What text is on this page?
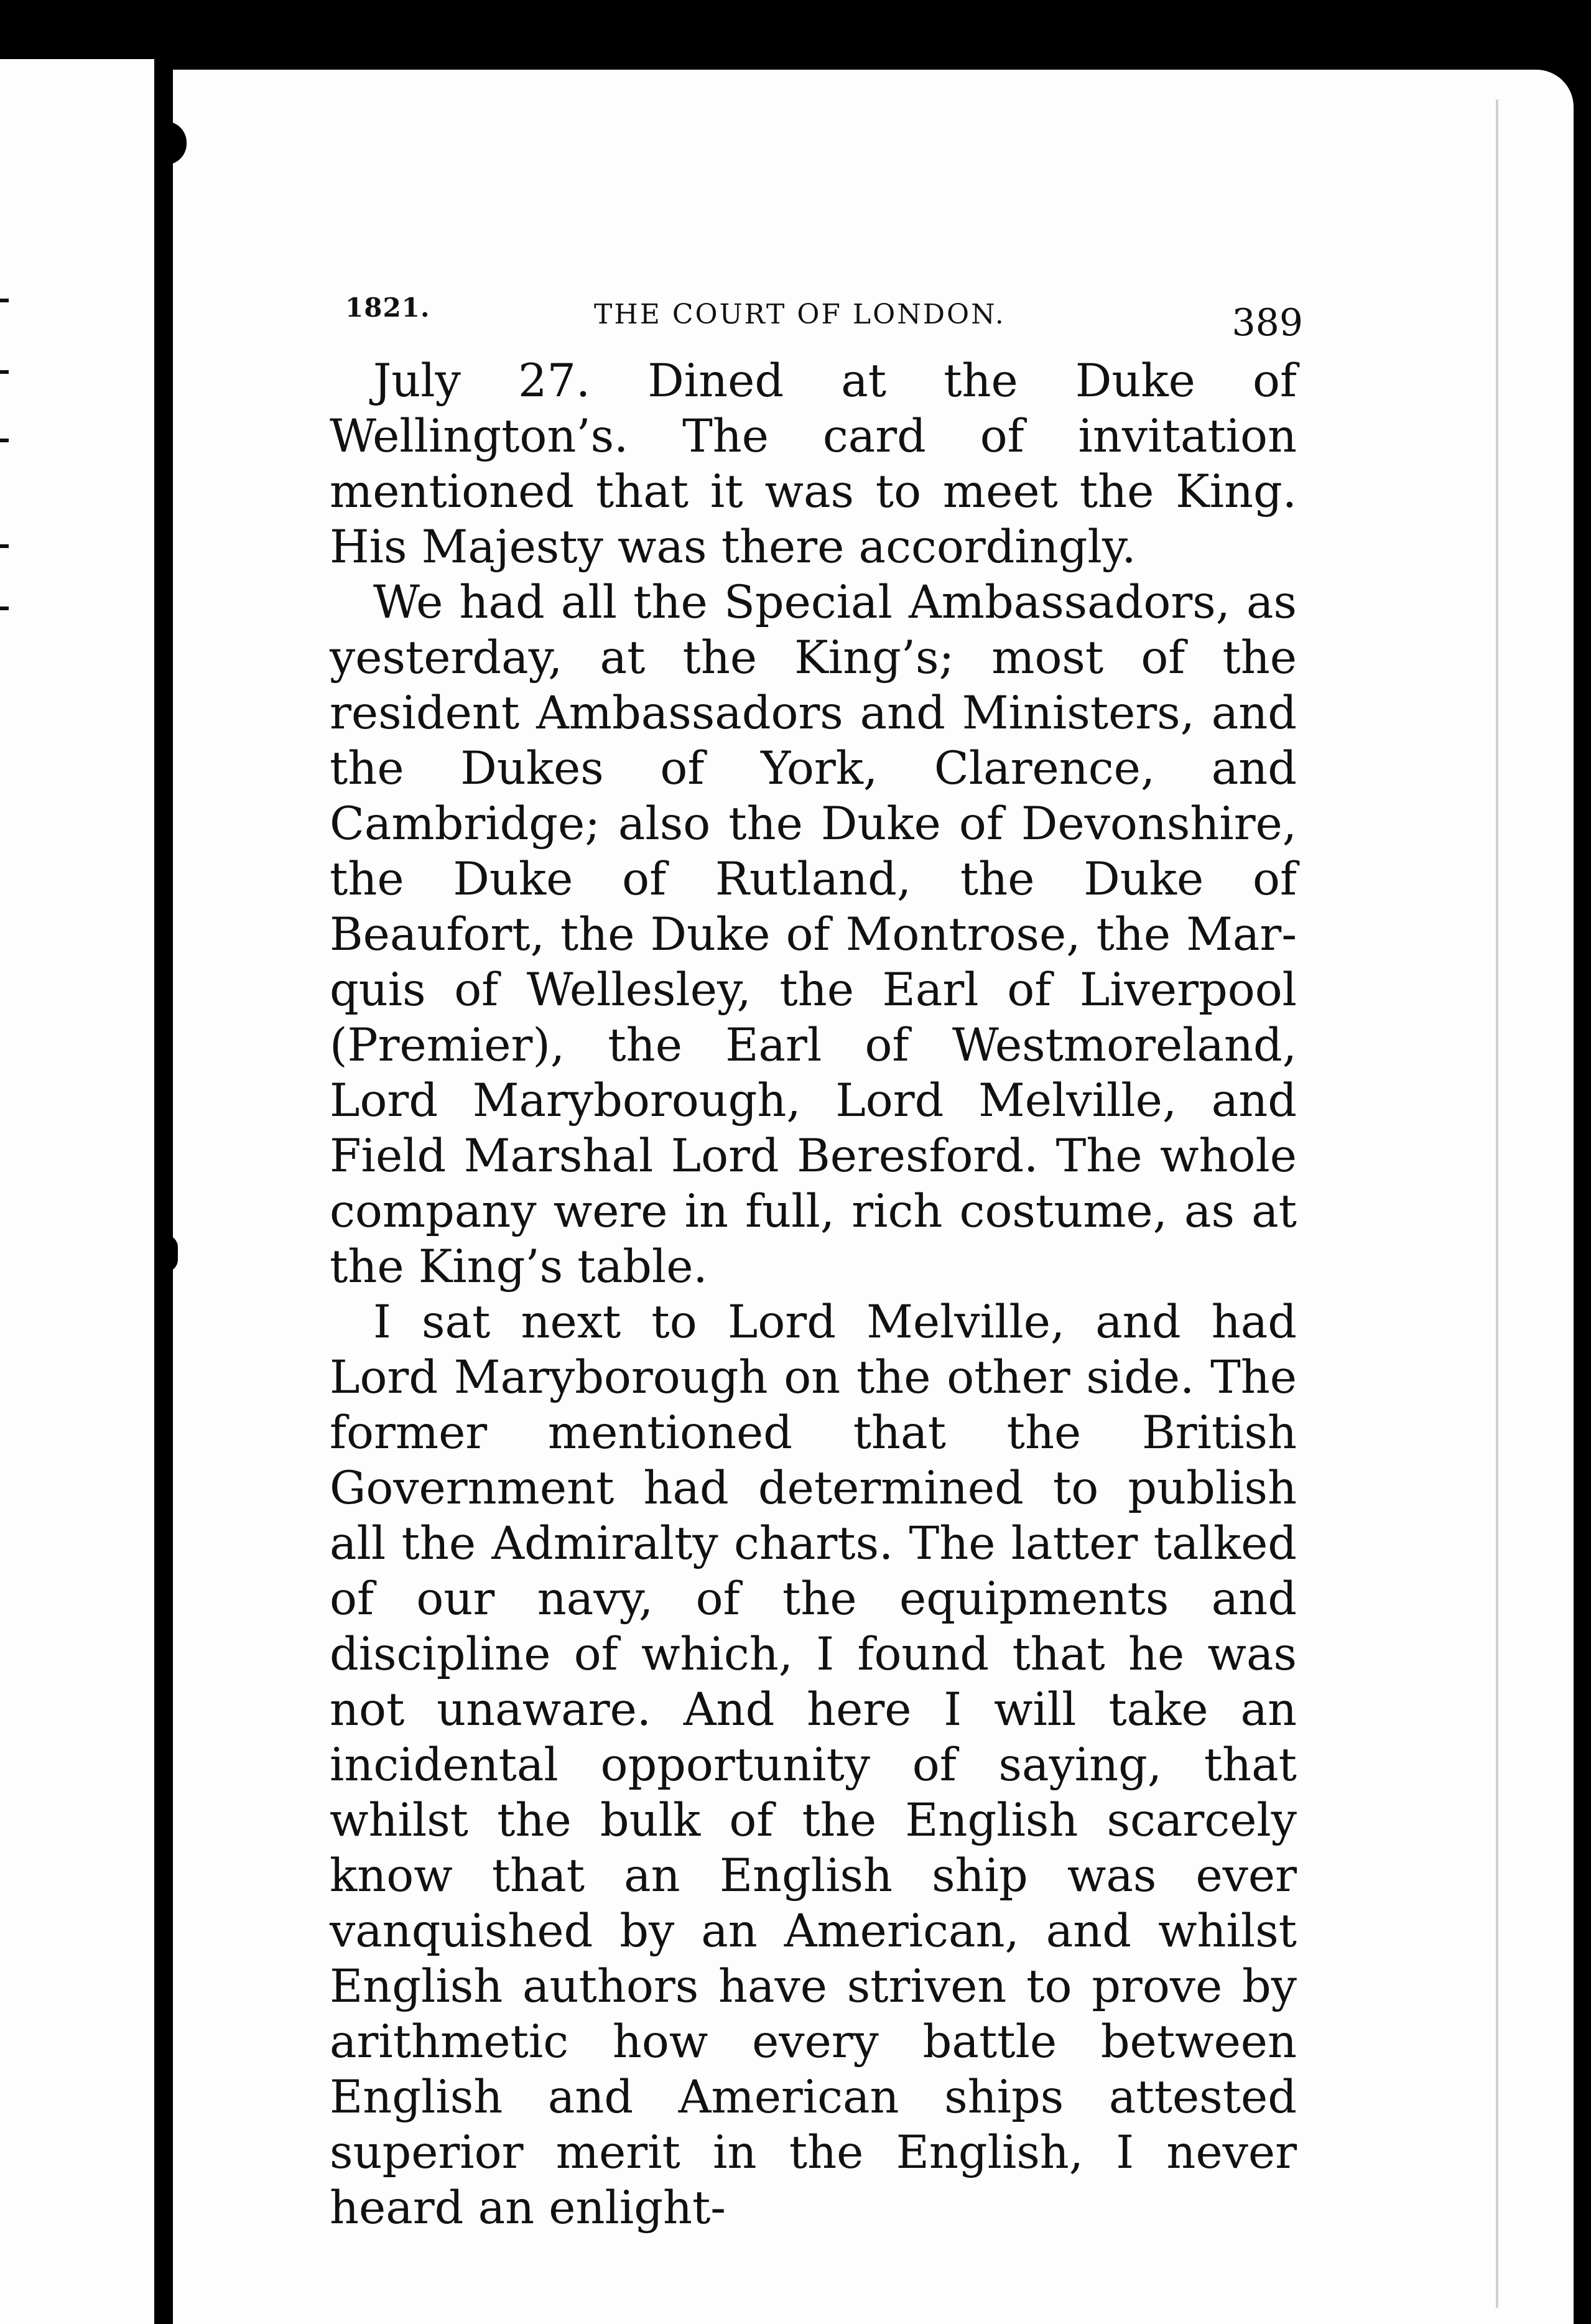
1821.	THE COURT OF LONDON.	389

July 27. Dined at the Duke of Wellington’s. The card of invitation mentioned that it was to meet the King. His Majesty was there accordingly.

We had all the Special Ambassadors, as yesterday, at the King’s; most of the resident Ambassadors and Ministers, and the Dukes of York, Clarence, and Cambridge; also the Duke of Devonshire, the Duke of Rutland, the Duke of Beaufort, the Duke of Montrose, the Marquis of Wellesley, the Earl of Liverpool (Premier), the Earl of Westmoreland, Lord Maryborough, Lord Melville, and Field Marshal Lord Beresford. The whole company were in full, rich costume, as at the King’s table.

I sat next to Lord Melville, and had Lord Maryborough on the other side. The former mentioned that the British Government had determined to publish all the Admiralty charts. The latter talked of our navy, of the equipments and discipline of which, I found that he was not unaware. And here I will take an incidental opportunity of saying, that whilst the bulk of the English scarcely know that an English ship was ever vanquished by an American, and whilst English authors have striven to prove by arithmetic how every battle between English and American ships attested superior merit in the English, I never heard an enlight-
